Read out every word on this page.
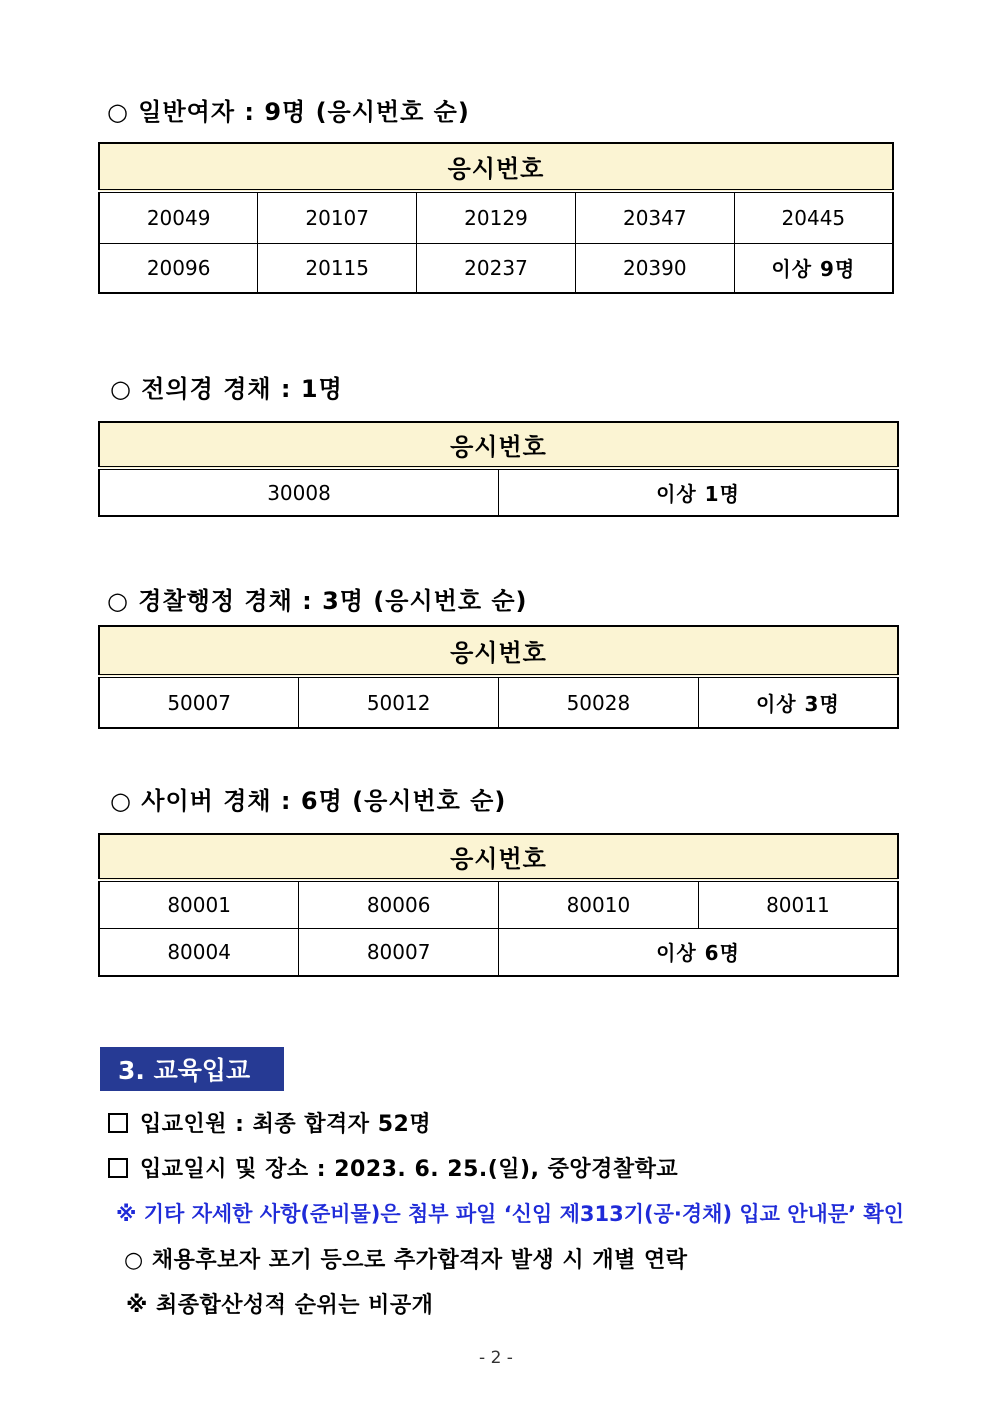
○ 일반여자 : 9명 (응시번호 순)
응시번호				
20049	20107	20129	20347	20445
20096	20115	20237	20390	이상 9명
○ 전의경 경채 : 1명
응시번호
30008	이상 1명
○ 경찰행정 경채 : 3명 (응시번호 순)
응시번호
50007	50012	50028	이상 3명
○ 사이버 경채 : 6명 (응시번호 순)
응시번호			
80001	80006	80010	80011
80004	80007	이상 6명	
3. 교육입교
입교인원 : 최종 합격자 52명
입교일시 및 장소 : 2023. 6. 25.(일), 중앙경찰학교
※ 기타 자세한 사항(준비물)은 첨부 파일 ‘신임 제313기(공·경채) 입교 안내문’ 확인
○ 채용후보자 포기 등으로 추가합격자 발생 시 개별 연락
※ 최종합산성적 순위는 비공개
- 2 -
